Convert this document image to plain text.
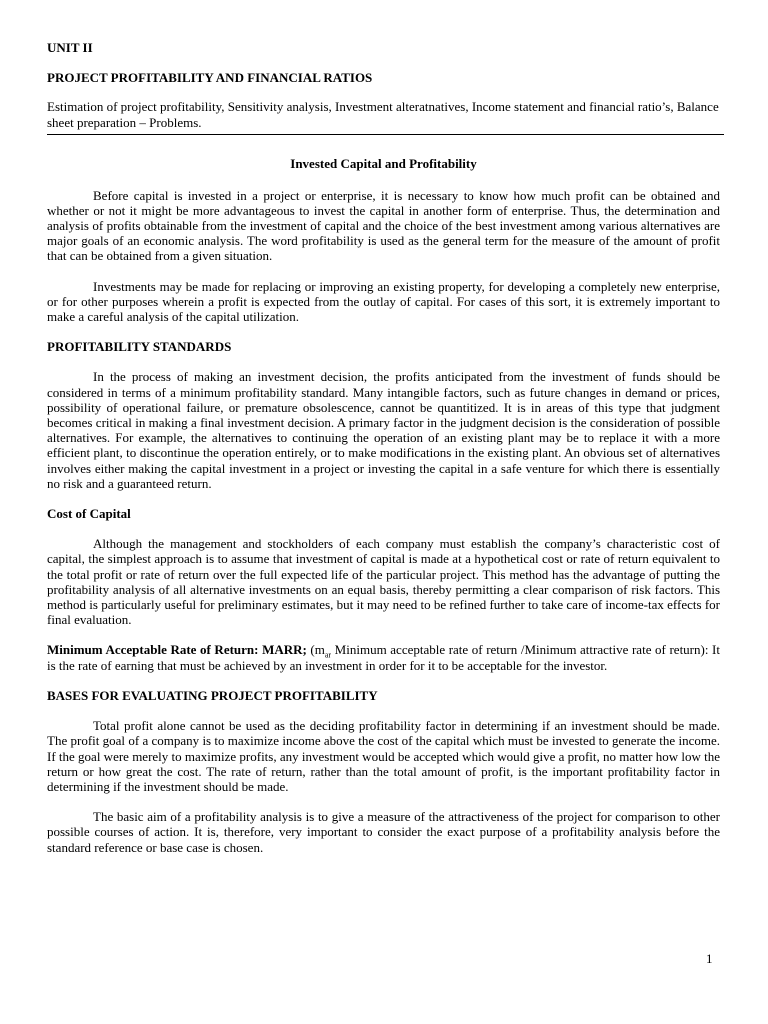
UNIT II
PROJECT PROFITABILITY AND FINANCIAL RATIOS

Estimation of project profitability, Sensitivity analysis, Investment alteratnatives, Income statement and financial ratio’s, Balance sheet preparation – Problems.

Invested Capital and Profitability

Before capital is invested in a project or enterprise, it is necessary to know how much profit can be obtained and whether or not it might be more advantageous to invest the capital in another form of enterprise. Thus, the determination and analysis of profits obtainable from the investment of capital and the choice of the best investment among various alternatives are major goals of an economic analysis. The word profitability is used as the general term for the measure of the amount of profit that can be obtained from a given situation.

Investments may be made for replacing or improving an existing property, for developing a completely new enterprise, or for other purposes wherein a profit is expected from the outlay of capital. For cases of this sort, it is extremely important to make a careful analysis of the capital utilization.

PROFITABILITY STANDARDS

In the process of making an investment decision, the profits anticipated from the investment of funds should be considered in terms of a minimum profitability standard. Many intangible factors, such as future changes in demand or prices, possibility of operational failure, or premature obsolescence, cannot be quantitized. It is in areas of this type that judgment becomes critical in making a final investment decision. A primary factor in the judgment decision is the consideration of possible alternatives. For example, the alternatives to continuing the operation of an existing plant may be to replace it with a more efficient plant, to discontinue the operation entirely, or to make modifications in the existing plant. An obvious set of alternatives involves either making the capital investment in a project or investing the capital in a safe venture for which there is essentially no risk and a guaranteed return.

Cost of Capital

Although the management and stockholders of each company must establish the company’s characteristic cost of capital, the simplest approach is to assume that investment of capital is made at a hypothetical cost or rate of return equivalent to the total profit or rate of return over the full expected life of the particular project. This method has the advantage of putting the profitability analysis of all alternative investments on an equal basis, thereby permitting a clear comparison of risk factors. This method is particularly useful for preliminary estimates, but it may need to be refined further to take care of income-tax effects for final evaluation.

Minimum Acceptable Rate of Return: MARR; ($m_{ar}$ Minimum acceptable rate of return /Minimum attractive rate of return): It is the rate of earning that must be achieved by an investment in order for it to be acceptable for the investor.

BASES FOR EVALUATING PROJECT PROFITABILITY

Total profit alone cannot be used as the deciding profitability factor in determining if an investment should be made. The profit goal of a company is to maximize income above the cost of the capital which must be invested to generate the income. If the goal were merely to maximize profits, any investment would be accepted which would give a profit, no matter how low the return or how great the cost. The rate of return, rather than the total amount of profit, is the important profitability factor in determining if the investment should be made.

The basic aim of a profitability analysis is to give a measure of the attractiveness of the project for comparison to other possible courses of action. It is, therefore, very important to consider the exact purpose of a profitability analysis before the standard reference or base case is chosen.

1
